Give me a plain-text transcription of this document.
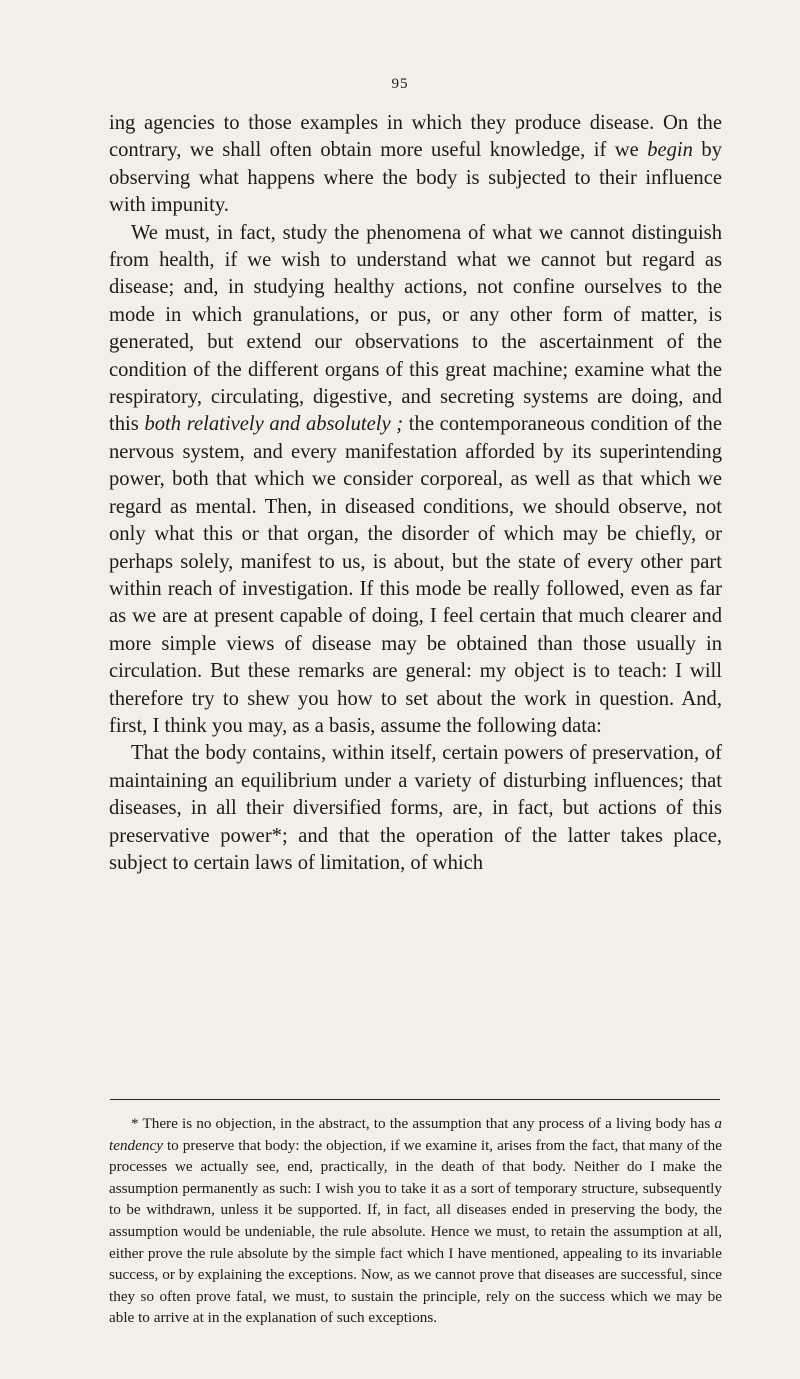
95

ing agencies to those examples in which they produce disease. On the contrary, we shall often obtain more useful knowledge, if we begin by observing what happens where the body is subjected to their influence with impunity.

We must, in fact, study the phenomena of what we cannot distinguish from health, if we wish to understand what we cannot but regard as disease; and, in studying healthy actions, not confine ourselves to the mode in which granulations, or pus, or any other form of matter, is generated, but extend our observations to the ascertainment of the condition of the different organs of this great machine; examine what the respiratory, circulating, digestive, and secreting systems are doing, and this both relatively and absolutely ; the contemporaneous condition of the nervous system, and every manifestation afforded by its superintending power, both that which we consider corporeal, as well as that which we regard as mental. Then, in diseased conditions, we should observe, not only what this or that organ, the disorder of which may be chiefly, or perhaps solely, manifest to us, is about, but the state of every other part within reach of investigation. If this mode be really followed, even as far as we are at present capable of doing, I feel certain that much clearer and more simple views of disease may be obtained than those usually in circulation. But these remarks are general: my object is to teach: I will therefore try to shew you how to set about the work in question. And, first, I think you may, as a basis, assume the following data:

That the body contains, within itself, certain powers of preservation, of maintaining an equilibrium under a variety of disturbing influences; that diseases, in all their diversified forms, are, in fact, but actions of this preservative power*; and that the operation of the latter takes place, subject to certain laws of limitation, of which

* There is no objection, in the abstract, to the assumption that any process of a living body has a tendency to preserve that body: the objection, if we examine it, arises from the fact, that many of the processes we actually see, end, practically, in the death of that body. Neither do I make the assumption permanently as such: I wish you to take it as a sort of temporary structure, subsequently to be withdrawn, unless it be supported. If, in fact, all diseases ended in preserving the body, the assumption would be undeniable, the rule absolute. Hence we must, to retain the assumption at all, either prove the rule absolute by the simple fact which I have mentioned, appealing to its invariable success, or by explaining the exceptions. Now, as we cannot prove that diseases are successful, since they so often prove fatal, we must, to sustain the principle, rely on the success which we may be able to arrive at in the explanation of such exceptions.
